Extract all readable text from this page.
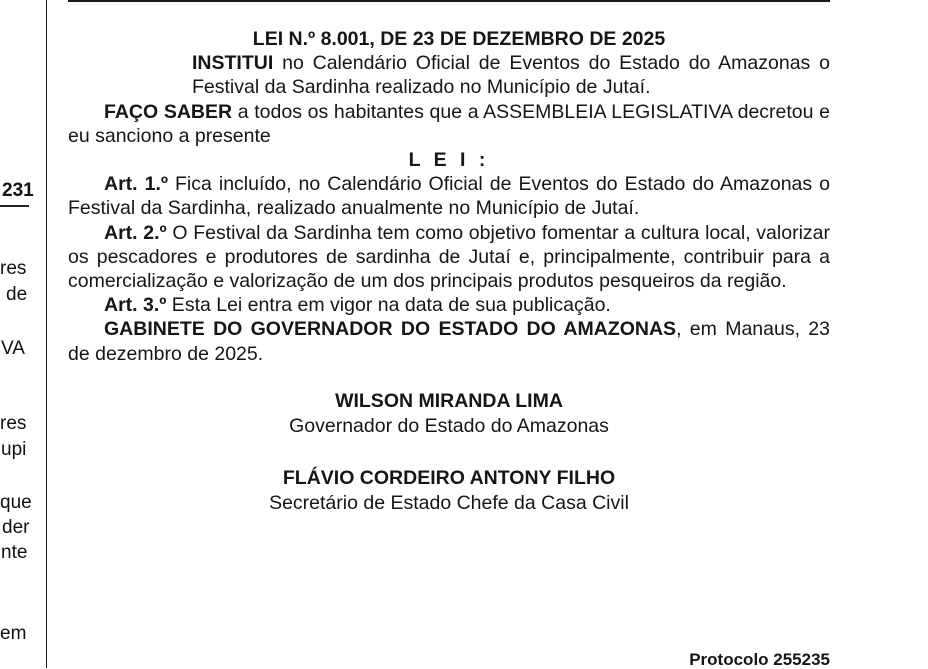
231
res
de
VA
res
upi
que
der
nte
em

LEI N.º 8.001, DE 23 DE DEZEMBRO DE 2025

INSTITUI no Calendário Oficial de Eventos do Estado do Amazonas o Festival da Sardinha realizado no Município de Jutaí.

FAÇO SABER a todos os habitantes que a ASSEMBLEIA LEGISLATIVA decretou e eu sanciono a presente

L E I :

Art. 1.º Fica incluído, no Calendário Oficial de Eventos do Estado do Amazonas o Festival da Sardinha, realizado anualmente no Município de Jutaí.

Art. 2.º O Festival da Sardinha tem como objetivo fomentar a cultura local, valorizar os pescadores e produtores de sardinha de Jutaí e, principalmente, contribuir para a comercialização e valorização de um dos principais produtos pesqueiros da região.

Art. 3.º Esta Lei entra em vigor na data de sua publicação.

GABINETE DO GOVERNADOR DO ESTADO DO AMAZONAS, em Manaus, 23 de dezembro de 2025.

WILSON MIRANDA LIMA

Governador do Estado do Amazonas

FLÁVIO CORDEIRO ANTONY FILHO

Secretário de Estado Chefe da Casa Civil

Protocolo 255235
